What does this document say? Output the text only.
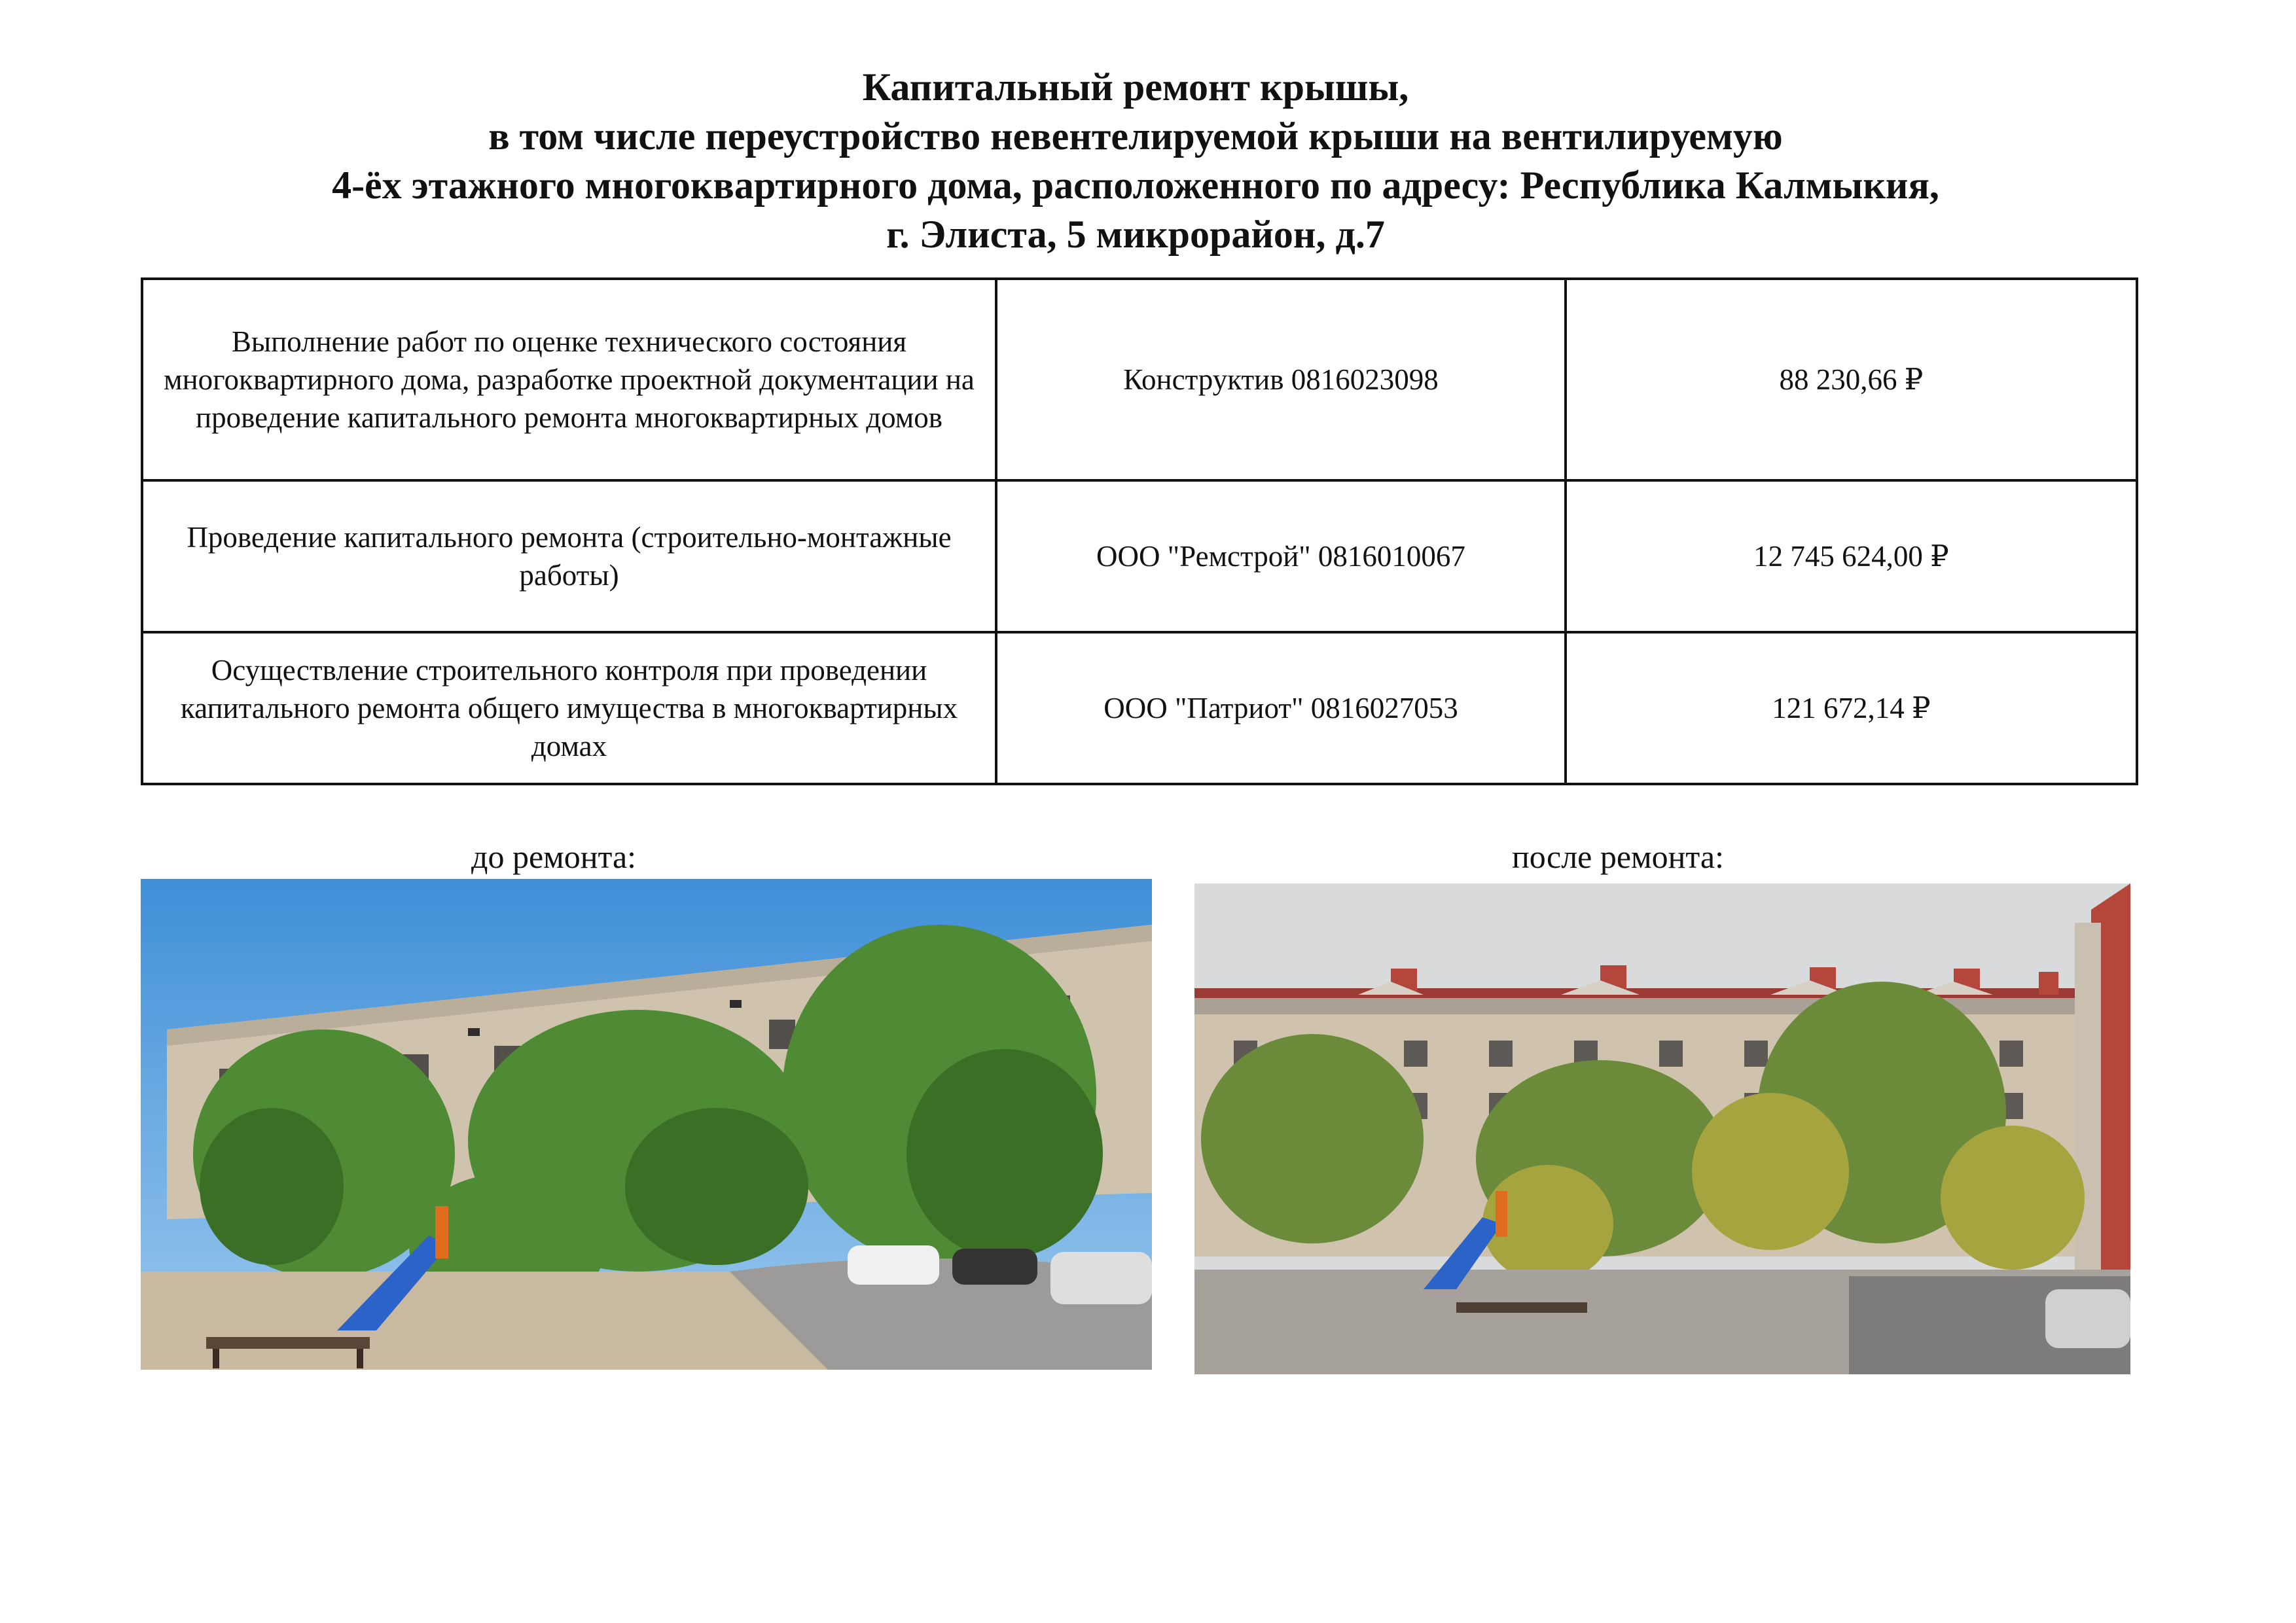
Капитальный ремонт крышы,
в том числе переустройство невентелируемой крыши на вентилируемую
4-ёх этажного многоквартирного дома, расположенного по адресу: Республика Калмыкия,
г. Элиста, 5 микрорайон, д.7
Выполнение работ по оценке технического состояния многоквартирного дома, разработке проектной документации на проведение капитального ремонта многоквартирных домов	Конструктив 0816023098	88 230,66 ₽
Проведение капитального ремонта (строительно-монтажные работы)	ООО "Ремстрой" 0816010067	12 745 624,00 ₽
Осуществление строительного контроля при проведении капитального ремонта общего имущества в многоквартирных домах	ООО "Патриот" 0816027053	121 672,14 ₽
до ремонта:	после ремонта:
